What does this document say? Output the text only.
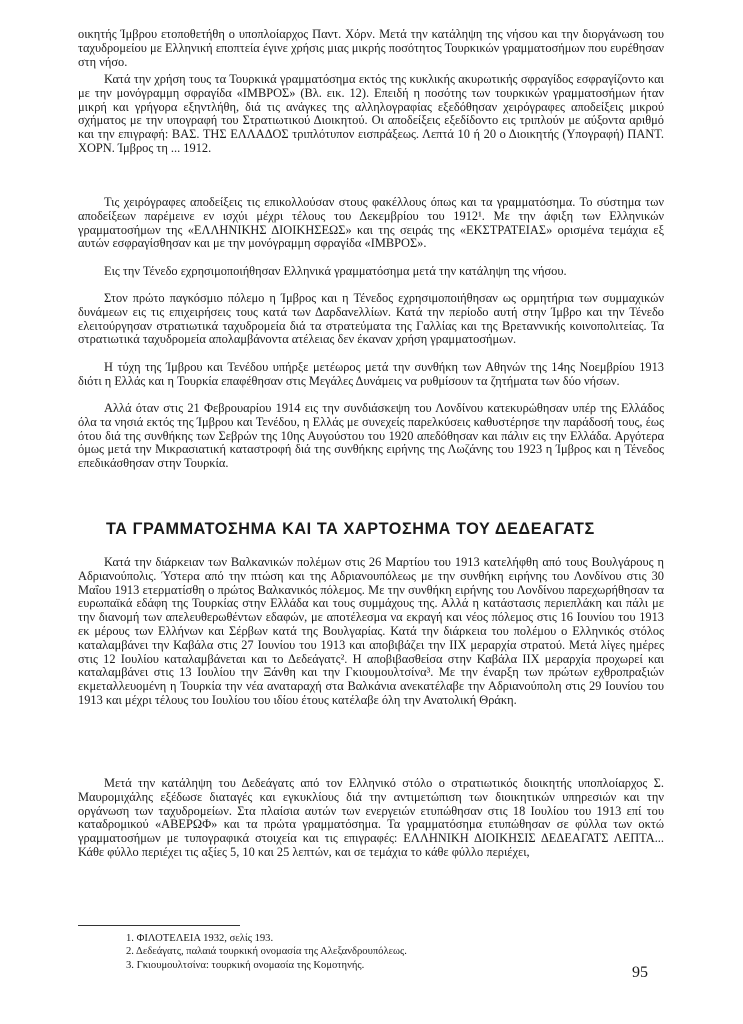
οικητής Ίμβρου ετοποθετήθη ο υποπλοίαρχος Παντ. Χόρν. Μετά την κατάληψη της νήσου και την διοργάνωση του ταχυδρομείου με Ελληνική εποπτεία έγινε χρήσις μιας μικρής ποσότητος Τουρκικών γραμματοσήμων που ευρέθησαν στη νήσο.

Κατά την χρήση τους τα Τουρκικά γραμματόσημα εκτός της κυκλικής ακυρωτικής σφραγίδος εσφραγίζοντο και με την μονόγραμμη σφραγίδα «ΙΜΒΡΟΣ» (Βλ. εικ. 12). Επειδή η ποσότης των τουρκικών γραμματοσήμων ήταν μικρή και γρήγορα εξηντλήθη, διά τις ανάγκες της αλληλογραφίας εξεδόθησαν χειρόγραφες αποδείξεις μικρού σχήματος με την υπογραφή του Στρατιωτικού Διοικητού. Οι αποδείξεις εξεδίδοντο εις τριπλούν με αύξοντα αριθμό και την επιγραφή: ΒΑΣ. ΤΗΣ ΕΛΛΑΔΟΣ τριπλότυπον εισπράξεως. Λεπτά 10 ή 20 ο Διοικητής (Υπογραφή) ΠΑΝΤ. ΧΟΡΝ. Ίμβρος τη ... 1912.

Τις χειρόγραφες αποδείξεις τις επικολλούσαν στους φακέλλους όπως και τα γραμματόσημα. Το σύστημα των αποδείξεων παρέμεινε εν ισχύι μέχρι τέλους του Δεκεμβρίου του 1912¹. Με την άφιξη των Ελληνικών γραμματοσήμων της «ΕΛΛΗΝΙΚΗΣ ΔΙΟΙΚΗΣΕΩΣ» και της σειράς της «ΕΚΣΤΡΑΤΕΙΑΣ» ορισμένα τεμάχια εξ αυτών εσφραγίσθησαν και με την μονόγραμμη σφραγίδα «ΙΜΒΡΟΣ».

Εις την Τένεδο εχρησιμοποιήθησαν Ελληνικά γραμματόσημα μετά την κατάληψη της νήσου.

Στον πρώτο παγκόσμιο πόλεμο η Ίμβρος και η Τένεδος εχρησιμοποιήθησαν ως ορμητήρια των συμμαχικών δυνάμεων εις τις επιχειρήσεις τους κατά των Δαρδανελλίων. Κατά την περίοδο αυτή στην Ίμβρο και την Τένεδο ελειτούργησαν στρατιωτικά ταχυδρομεία διά τα στρατεύματα της Γαλλίας και της Βρεταννικής κοινοπολιτείας. Τα στρατιωτικά ταχυδρομεία απολαμβάνοντα ατέλειας δεν έκαναν χρήση γραμματοσήμων.

Η τύχη της Ίμβρου και Τενέδου υπήρξε μετέωρος μετά την συνθήκη των Αθηνών της 14ης Νοεμβρίου 1913 διότι η Ελλάς και η Τουρκία επαφέθησαν στις Μεγάλες Δυνάμεις να ρυθμίσουν τα ζητήματα των δύο νήσων.

Αλλά όταν στις 21 Φεβρουαρίου 1914 εις την συνδιάσκεψη του Λονδίνου κατεκυρώθησαν υπέρ της Ελλάδος όλα τα νησιά εκτός της Ίμβρου και Τενέδου, η Ελλάς με συνεχείς παρελκύσεις καθυστέρησε την παράδοσή τους, έως ότου διά της συνθήκης των Σεβρών της 10ης Αυγούστου του 1920 απεδόθησαν και πάλιν εις την Ελλάδα. Αργότερα όμως μετά την Μικρασιατική καταστροφή διά της συνθήκης ειρήνης της Λωζάνης του 1923 η Ίμβρος και η Τένεδος επεδικάσθησαν στην Τουρκία.

ΤΑ ΓΡΑΜΜΑΤΟΣΗΜΑ ΚΑΙ ΤΑ ΧΑΡΤΟΣΗΜΑ ΤΟΥ ΔΕΔΕΑΓΑΤΣ

Κατά την διάρκειαν των Βαλκανικών πολέμων στις 26 Μαρτίου του 1913 κατελήφθη από τους Βουλγάρους η Αδριανούπολις. Ύστερα από την πτώση και της Αδριανουπόλεως με την συνθήκη ειρήνης του Λονδίνου στις 30 Μαΐου 1913 ετερματίσθη ο πρώτος Βαλκανικός πόλεμος. Με την συνθήκη ειρήνης του Λονδίνου παρεχωρήθησαν τα ευρωπαϊκά εδάφη της Τουρκίας στην Ελλάδα και τους συμμάχους της. Αλλά η κατάστασις περιεπλάκη και πάλι με την διανομή των απελευθερωθέντων εδαφών, με αποτέλεσμα να εκραγή και νέος πόλεμος στις 16 Ιουνίου του 1913 εκ μέρους των Ελλήνων και Σέρβων κατά της Βουλγαρίας. Κατά την διάρκεια του πολέμου ο Ελληνικός στόλος καταλαμβάνει την Καβάλα στις 27 Ιουνίου του 1913 και αποβιβάζει την ΙΙΧ μεραρχία στρατού. Μετά λίγες ημέρες στις 12 Ιουλίου καταλαμβάνεται και το Δεδεάγατς². Η αποβιβασθείσα στην Καβάλα ΙΙΧ μεραρχία προχωρεί και καταλαμβάνει στις 13 Ιουλίου την Ξάνθη και την Γκιουμουλτσίνα³. Με την έναρξη των πρώτων εχθροπραξιών εκμεταλλευομένη η Τουρκία την νέα αναταραχή στα Βαλκάνια ανεκατέλαβε την Αδριανούπολη στις 29 Ιουνίου του 1913 και μέχρι τέλους του Ιουλίου του ιδίου έτους κατέλαβε όλη την Ανατολική Θράκη.

Μετά την κατάληψη του Δεδεάγατς από τον Ελληνικό στόλο ο στρατιωτικός διοικητής υποπλοίαρχος Σ. Μαυρομιχάλης εξέδωσε διαταγές και εγκυκλίους διά την αντιμετώπιση των διοικητικών υπηρεσιών και την οργάνωση των ταχυδρομείων. Στα πλαίσια αυτών των ενεργειών ετυπώθησαν στις 18 Ιουλίου του 1913 επί του καταδρομικού «ΑΒΕΡΩΦ» και τα πρώτα γραμματόσημα. Τα γραμματόσημα ετυπώθησαν σε φύλλα των οκτώ γραμματοσήμων με τυπογραφικά στοιχεία και τις επιγραφές: ΕΛΛΗΝΙΚΗ ΔΙΟΙΚΗΣΙΣ ΔΕΔΕΑΓΑΤΣ ΛΕΠΤΑ... Κάθε φύλλο περιέχει τις αξίες 5, 10 και 25 λεπτών, και σε τεμάχια το κάθε φύλλο περιέχει,

1. ΦΙΛΟΤΕΛΕΙΑ 1932, σελίς 193.
2. Δεδεάγατς, παλαιά τουρκική ονομασία της Αλεξανδρουπόλεως.
3. Γκιουμουλτσίνα: τουρκική ονομασία της Κομοτηνής.	95
